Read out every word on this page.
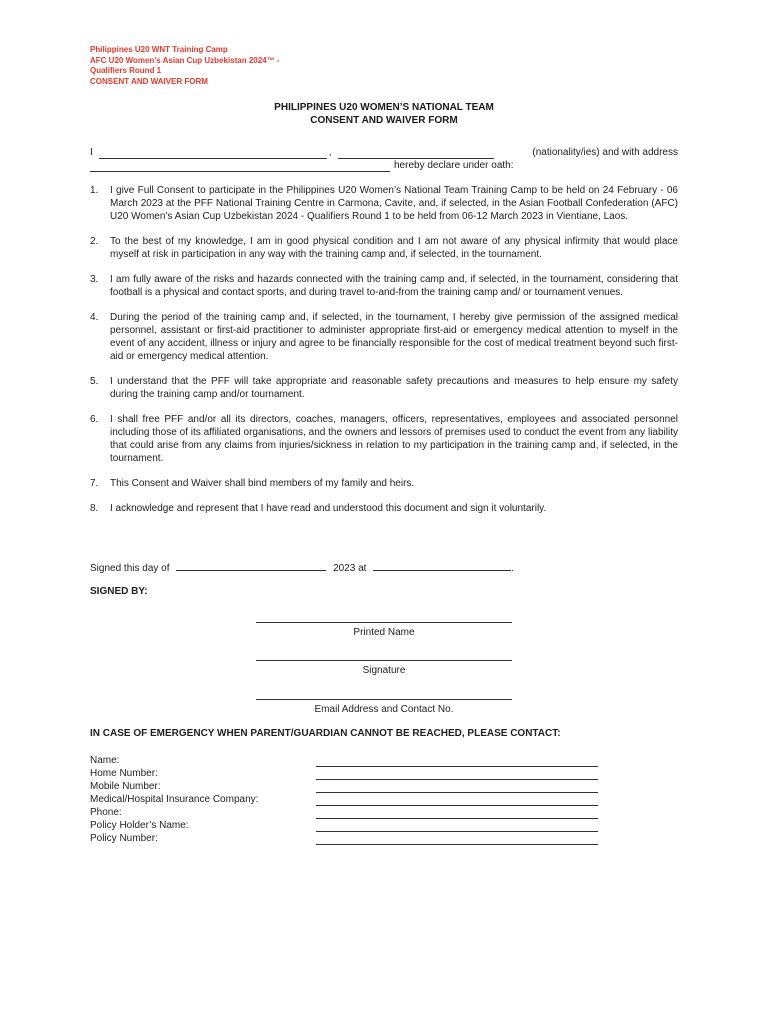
Philippines U20 WNT Training Camp
AFC U20 Women’s Asian Cup Uzbekistan 2024™ -
Qualifiers Round 1
CONSENT AND WAIVER FORM
PHILIPPINES U20 WOMEN’S NATIONAL TEAM
CONSENT AND WAIVER FORM
I	,	(nationality/ies) and with address
hereby declare under oath:
1.	I give Full Consent to participate in the Philippines U20 Women’s National Team Training Camp to be held on 24 February - 06 March 2023 at the PFF National Training Centre in Carmona, Cavite, and, if selected, in the Asian Football Confederation (AFC) U20 Women’s Asian Cup Uzbekistan 2024 - Qualifiers Round 1 to be held from 06-12 March 2023 in Vientiane, Laos.
2.	To the best of my knowledge, I am in good physical condition and I am not aware of any physical infirmity that would place myself at risk in participation in any way with the training camp and, if selected, in the tournament.
3.	I am fully aware of the risks and hazards connected with the training camp and, if selected, in the tournament, considering that football is a physical and contact sports, and during travel to-and-from the training camp and/ or tournament venues.
4.	During the period of the training camp and, if selected, in the tournament, I hereby give permission of the assigned medical personnel, assistant or first-aid practitioner to administer appropriate first-aid or emergency medical attention to myself in the event of any accident, illness or injury and agree to be financially responsible for the cost of medical treatment beyond such first-aid or emergency medical attention.
5.	I understand that the PFF will take appropriate and reasonable safety precautions and measures to help ensure my safety during the training camp and/or tournament.
6.	I shall free PFF and/or all its directors, coaches, managers, officers, representatives, employees and associated personnel including those of its affiliated organisations, and the owners and lessors of premises used to conduct the event from any liability that could arise from any claims from injuries/sickness in relation to my participation in the training camp and, if selected, in the tournament.
7.	This Consent and Waiver shall bind members of my family and heirs.
8.	I acknowledge and represent that I have read and understood this document and sign it voluntarily.
Signed this day of	2023 at	.
SIGNED BY:
Printed Name
Signature
Email Address and Contact No.
IN CASE OF EMERGENCY WHEN PARENT/GUARDIAN CANNOT BE REACHED, PLEASE CONTACT:
Name:
Home Number:
Mobile Number:
Medical/Hospital Insurance Company:
Phone:
Policy Holder’s Name:
Policy Number:
